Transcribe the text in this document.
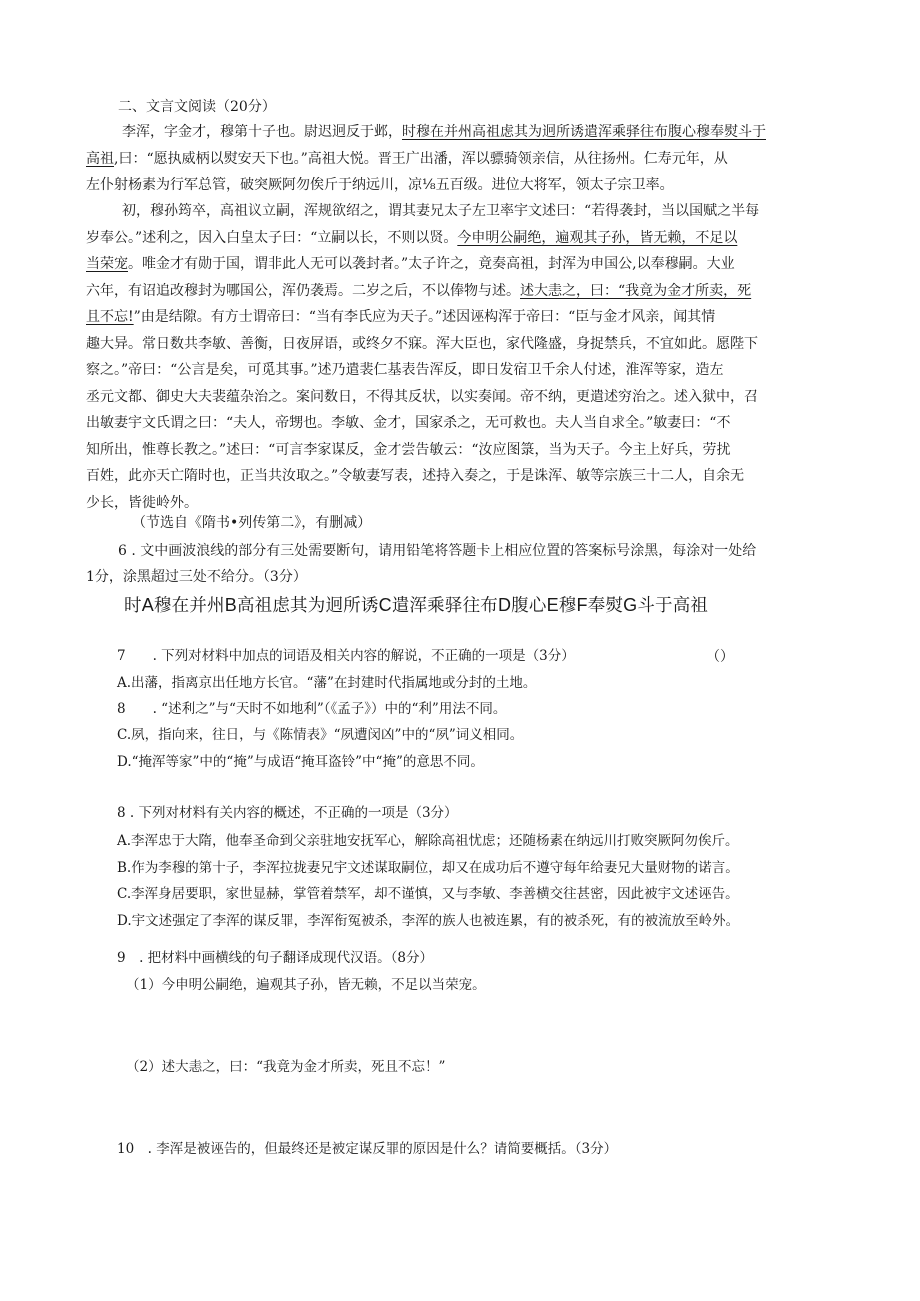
二、文言文阅读（20分）
李浑，字金才，穆第十子也。尉迟迥反于邺，时穆在并州高祖虑其为迥所诱遣浑乘驿往布腹心穆奉熨斗于
高祖,曰：“愿执威柄以熨安天下也。”高祖大悦。晋王广出潘，浑以骠骑领亲信，从往扬州。仁寿元年，从
左仆射杨素为行军总管，破突厥阿勿俟斤于纳远川，凉⅛五百级。进位大将军，领太子宗卫率。
初，穆孙筠卒，高祖议立嗣，浑规欲绍之，谓其妻兄太子左卫率宇文述曰：“若得袭封，当以国赋之半每
岁奉公。”述利之，因入白皇太子曰：“立嗣以长，不则以贤。今申明公嗣绝，遍观其子孙，皆无赖，不足以
当荣宠。唯金才有勋于国，谓非此人无可以袭封者。”太子许之，竟奏高祖，封浑为申国公,以奉穆嗣。大业
六年，有诏追改穆封为哪国公，浑仍袭焉。二岁之后，不以俸物与述。述大恚之，曰：“我竟为金才所卖，死
且不忘!”由是结隙。有方士谓帝曰：“当有李氏应为天子。”述因诬构浑于帝曰：“臣与金才风亲，闻其情
趣大异。常日数共李敏、善衡，日夜屏语，或终夕不寐。浑大臣也，家代隆盛，身捉禁兵，不宜如此。愿陛下
察之。”帝曰：“公言是矣，可觅其事。”述乃遣裴仁基表告浑反，即日发宿卫千余人付述，淮浑等家，造左
丞元文都、御史大夫裴蕴杂治之。案问数日，不得其反状，以实奏闻。帝不纳，更遣述穷治之。述入狱中，召
出敏妻宇文氏谓之曰：“夫人，帝甥也。李敏、金才，国家杀之，无可救也。夫人当自求全。”敏妻曰：“不
知所出，惟尊长教之。”述曰：“可言李家谋反，金才尝告敏云：“汝应图箓，当为天子。今主上好兵，劳扰
百姓，此亦天亡隋时也，正当共汝取之。”令敏妻写表，述持入奏之，于是诛浑、敏等宗族三十二人，自余无
少长，皆徙岭外。
（节选自《隋书•列传第二》，有删减）
6 . 文中画波浪线的部分有三处需要断句，请用铅笔将答题卡上相应位置的答案标号涂黑，每涂对一处给
1分，涂黑超过三处不给分。（3分）
时A穆在并州B高祖虑其为迥所诱C遣浑乘驿往布D腹心E穆F奉熨G斗于高祖
7　　. 下列对材料中加点的词语及相关内容的解说，不正确的一项是（3分）	（）
A.出藩，指离京出任地方长官。“藩”在封建时代指属地或分封的土地。
8　　. “述利之”与“天时不如地利”（《孟子》）中的“利”用法不同。
C.夙，指向来，往日，与《陈情表》“夙遭闵凶”中的“夙”词义相同。
D.“掩浑等家”中的“掩”与成语“掩耳盗铃”中“掩”的意思不同。
8 . 下列对材料有关内容的概述，不正确的一项是（3分）
A.李浑忠于大隋，他奉圣命到父亲驻地安抚军心，解除高祖忧虑；还随杨素在纳远川打败突厥阿勿俟斤。
B.作为李穆的第十子，李浑拉拢妻兄宇文述谋取嗣位，却又在成功后不遵守每年给妻兄大量财物的诺言。
C.李浑身居要职，家世显赫，掌管着禁军，却不谨慎，又与李敏、李善横交往甚密，因此被宇文述诬告。
D.宇文述强定了李浑的谋反罪，李浑衔冤被杀，李浑的族人也被连累，有的被杀死，有的被流放至岭外。
9　. 把材料中画横线的句子翻译成现代汉语。（8分）
（1）今申明公嗣绝，遍观其子孙，皆无赖，不足以当荣宠。
（2）述大恚之，曰：“我竟为金才所卖，死且不忘！”
10　. 李浑是被诬告的，但最终还是被定谋反罪的原因是什么？请简要概括。（3分）
